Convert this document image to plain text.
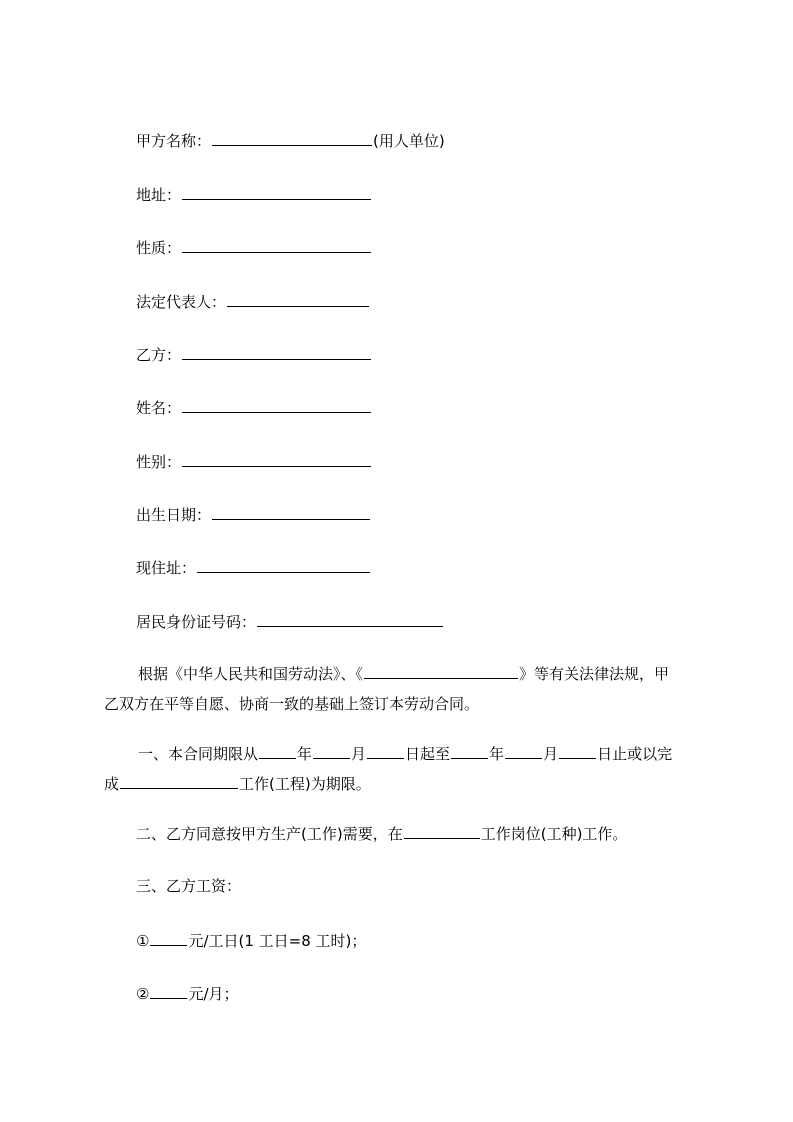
甲方名称：	(用人单位)
地址：
性质：
法定代表人：
乙方：
姓名：
性别：
出生日期：
现住址：
居民身份证号码：
根据《中华人民共和国劳动法》、《	》等有关法律法规，甲
乙双方在平等自愿、协商一致的基础上签订本劳动合同。
一、本合同期限从	年	月	日起至	年	月	日止或以完
成	工作(工程)为期限。
二、乙方同意按甲方生产(工作)需要，在	工作岗位(工种)工作。
三、乙方工资：
①	元/工日(1 工日=8 工时)；
②	元/月；
